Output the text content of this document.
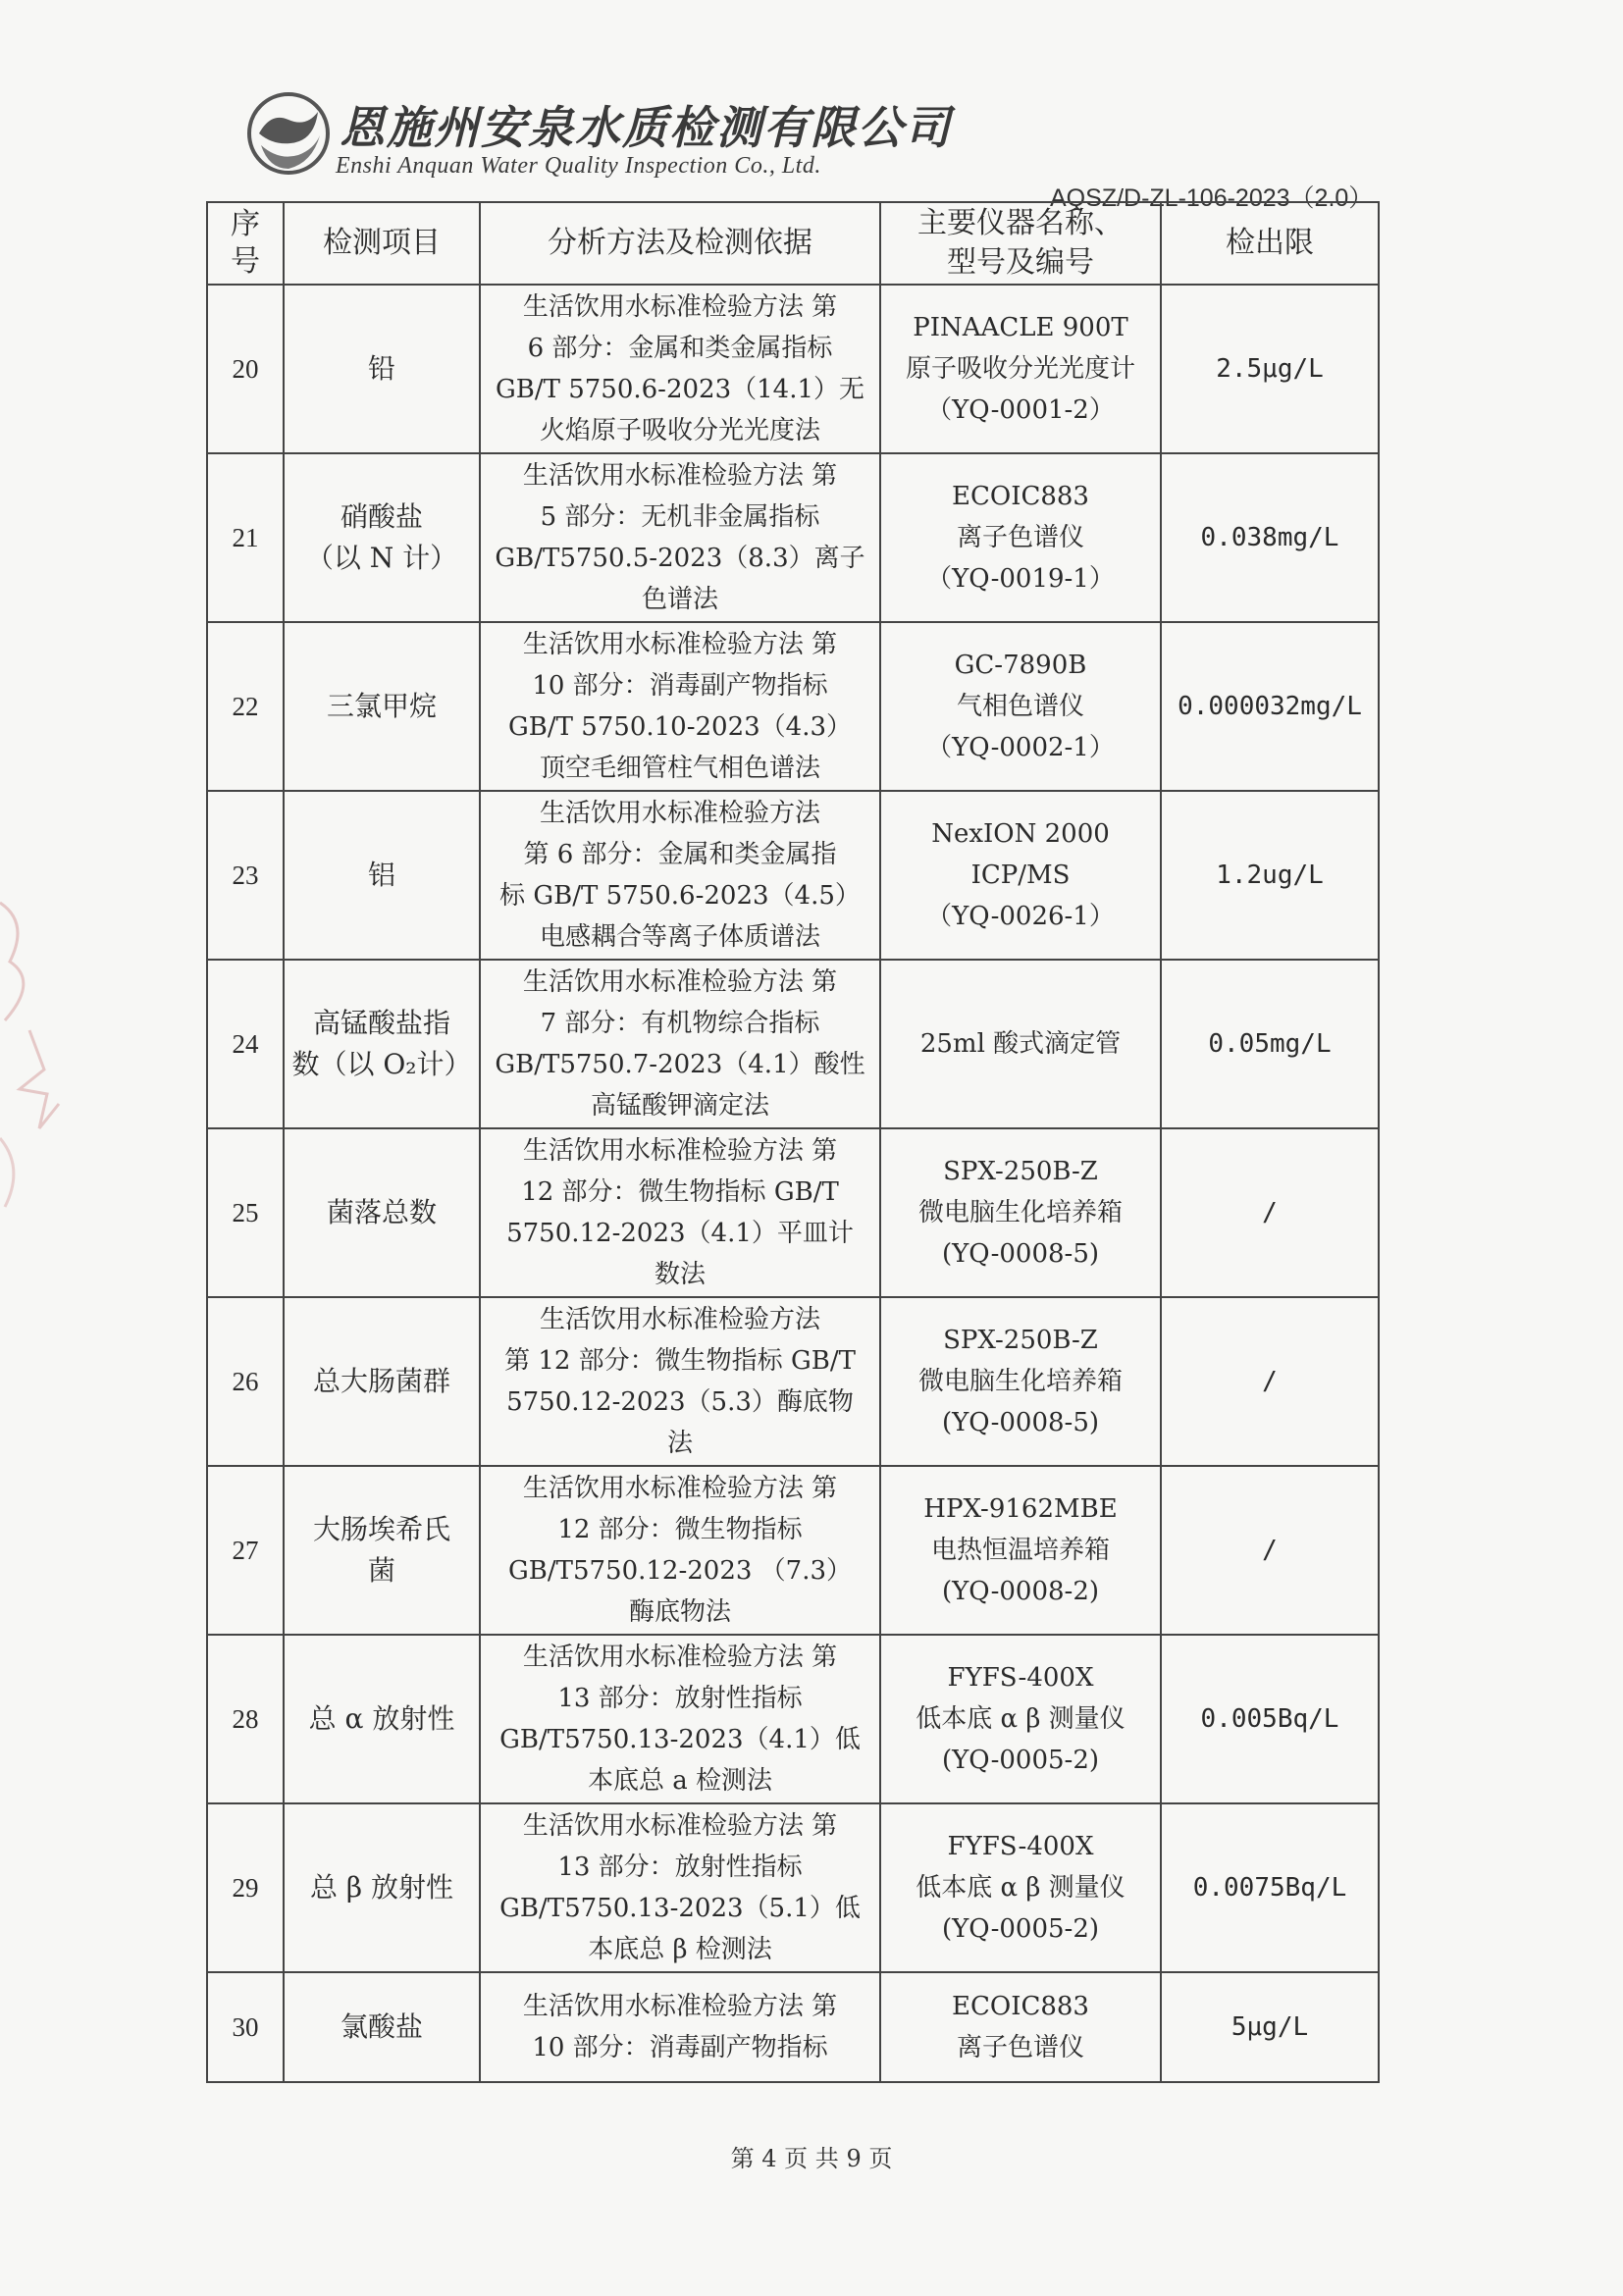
恩施州安泉水质检测有限公司
Enshi Anquan Water Quality Inspection Co., Ltd.
AQSZ/D-ZL-106-2023（2.0）
序号	检测项目	分析方法及检测依据	主要仪器名称、型号及编号	检出限
20	铅	生活饮用水标准检验方法 第
6 部分：金属和类金属指标
GB/T 5750.6-2023（14.1）无
火焰原子吸收分光光度法	PINAACLE 900T
原子吸收分光光度计
（YQ-0001-2）	2.5μg/L
21	硝酸盐
（以 N 计）	生活饮用水标准检验方法 第
5 部分：无机非金属指标
GB/T5750.5-2023（8.3）离子
色谱法	ECOIC883
离子色谱仪
（YQ-0019-1）	0.038mg/L
22	三氯甲烷	生活饮用水标准检验方法 第
10 部分：消毒副产物指标
GB/T 5750.10-2023（4.3）
顶空毛细管柱气相色谱法	GC-7890B
气相色谱仪
（YQ-0002-1）	0.000032mg/L
23	铝	生活饮用水标准检验方法
第 6 部分：金属和类金属指
标 GB/T 5750.6-2023（4.5）
电感耦合等离子体质谱法	NexION 2000
ICP/MS
（YQ-0026-1）	1.2ug/L
24	高锰酸盐指
数（以 O₂计）	生活饮用水标准检验方法 第
7 部分：有机物综合指标
GB/T5750.7-2023（4.1）酸性
高锰酸钾滴定法	25ml 酸式滴定管	0.05mg/L
25	菌落总数	生活饮用水标准检验方法 第
12 部分：微生物指标 GB/T
5750.12-2023（4.1）平皿计
数法	SPX-250B-Z
微电脑生化培养箱
(YQ-0008-5)	/
26	总大肠菌群	生活饮用水标准检验方法
第 12 部分：微生物指标 GB/T
5750.12-2023（5.3）酶底物
法	SPX-250B-Z
微电脑生化培养箱
(YQ-0008-5)	/
27	大肠埃希氏
菌	生活饮用水标准检验方法 第
12 部分：微生物指标
GB/T5750.12-2023 （7.3）
酶底物法	HPX-9162MBE
电热恒温培养箱
(YQ-0008-2)	/
28	总 α 放射性	生活饮用水标准检验方法 第
13 部分：放射性指标
GB/T5750.13-2023（4.1）低
本底总 a 检测法	FYFS-400X
低本底 α β 测量仪
(YQ-0005-2)	0.005Bq/L
29	总 β 放射性	生活饮用水标准检验方法 第
13 部分：放射性指标
GB/T5750.13-2023（5.1）低
本底总 β 检测法	FYFS-400X
低本底 α β 测量仪
(YQ-0005-2)	0.0075Bq/L
30	氯酸盐	生活饮用水标准检验方法 第
10 部分：消毒副产物指标	ECOIC883
离子色谱仪	5μg/L
第 4 页 共 9 页
